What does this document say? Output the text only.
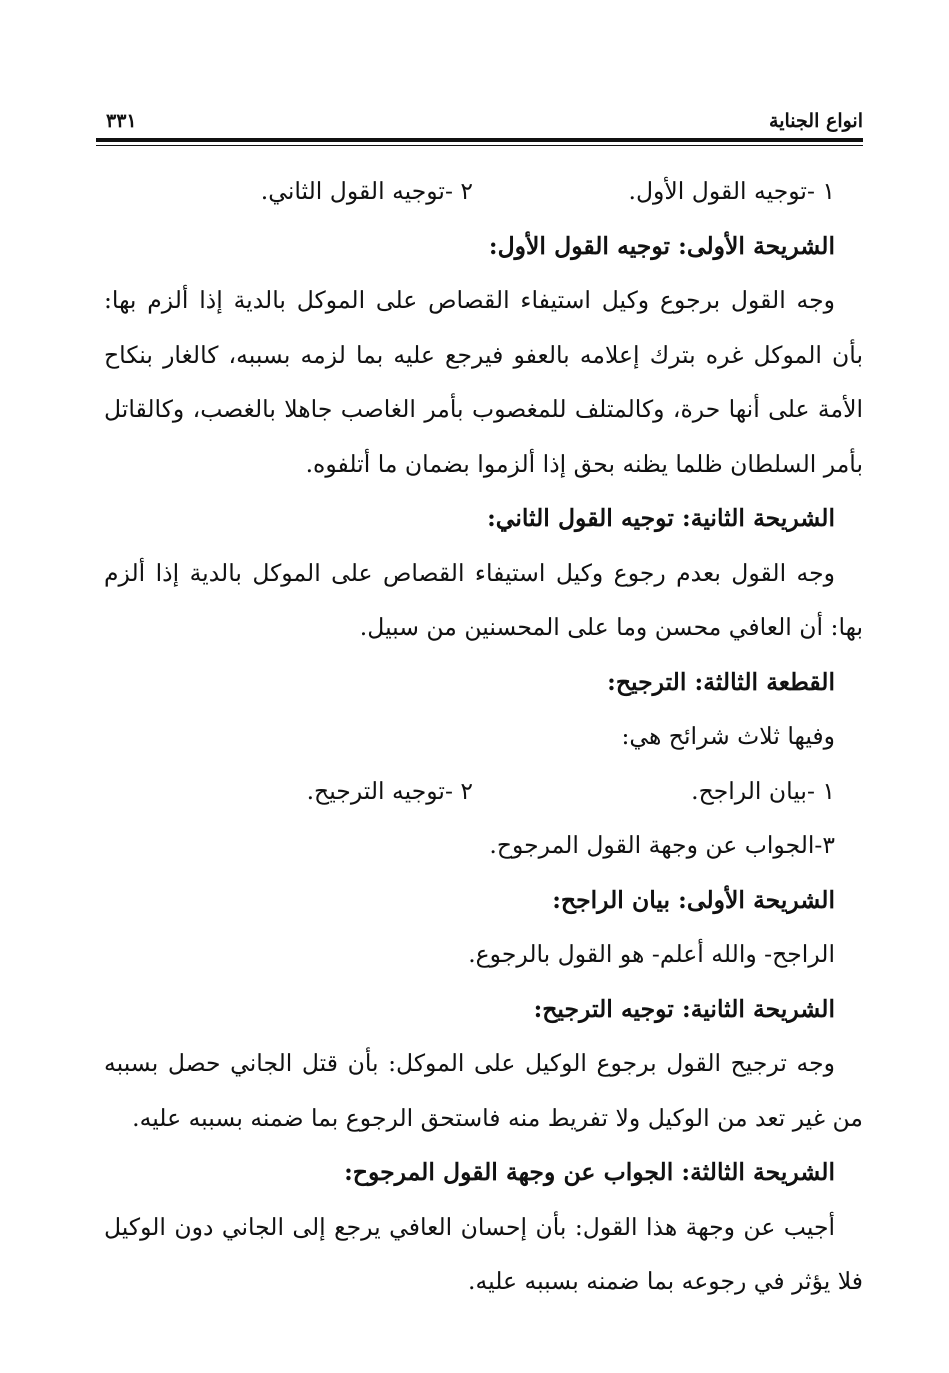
انواع الجناية
٣٣١
١ -توجيه القول الأول.
٢ -توجيه القول الثاني.
الشريحة الأولى: توجيه القول الأول:

وجه القول برجوع وكيل استيفاء القصاص على الموكل بالدية إذا ألزم بها: بأن الموكل غره بترك إعلامه بالعفو فيرجع عليه بما لزمه بسببه، كالغار بنكاح الأمة على أنها حرة، وكالمتلف للمغصوب بأمر الغاصب جاهلا بالغصب، وكالقاتل بأمر السلطان ظلما يظنه بحق إذا ألزموا بضمان ما أتلفوه.

الشريحة الثانية: توجيه القول الثاني:

وجه القول بعدم رجوع وكيل استيفاء القصاص على الموكل بالدية إذا ألزم بها: أن العافي محسن وما على المحسنين من سبيل.

القطعة الثالثة: الترجيح:
وفيها ثلاث شرائح هي:
١ -بيان الراجح.
٢ -توجيه الترجيح.
٣-الجواب عن وجهة القول المرجوح.
الشريحة الأولى: بيان الراجح:
الراجح- والله أعلم- هو القول بالرجوع.
الشريحة الثانية: توجيه الترجيح:

وجه ترجيح القول برجوع الوكيل على الموكل: بأن قتل الجاني حصل بسببه من غير تعد من الوكيل ولا تفريط منه فاستحق الرجوع بما ضمنه بسببه عليه.

الشريحة الثالثة: الجواب عن وجهة القول المرجوح:

أجيب عن وجهة هذا القول: بأن إحسان العافي يرجع إلى الجاني دون الوكيل فلا يؤثر في رجوعه بما ضمنه بسببه عليه.
